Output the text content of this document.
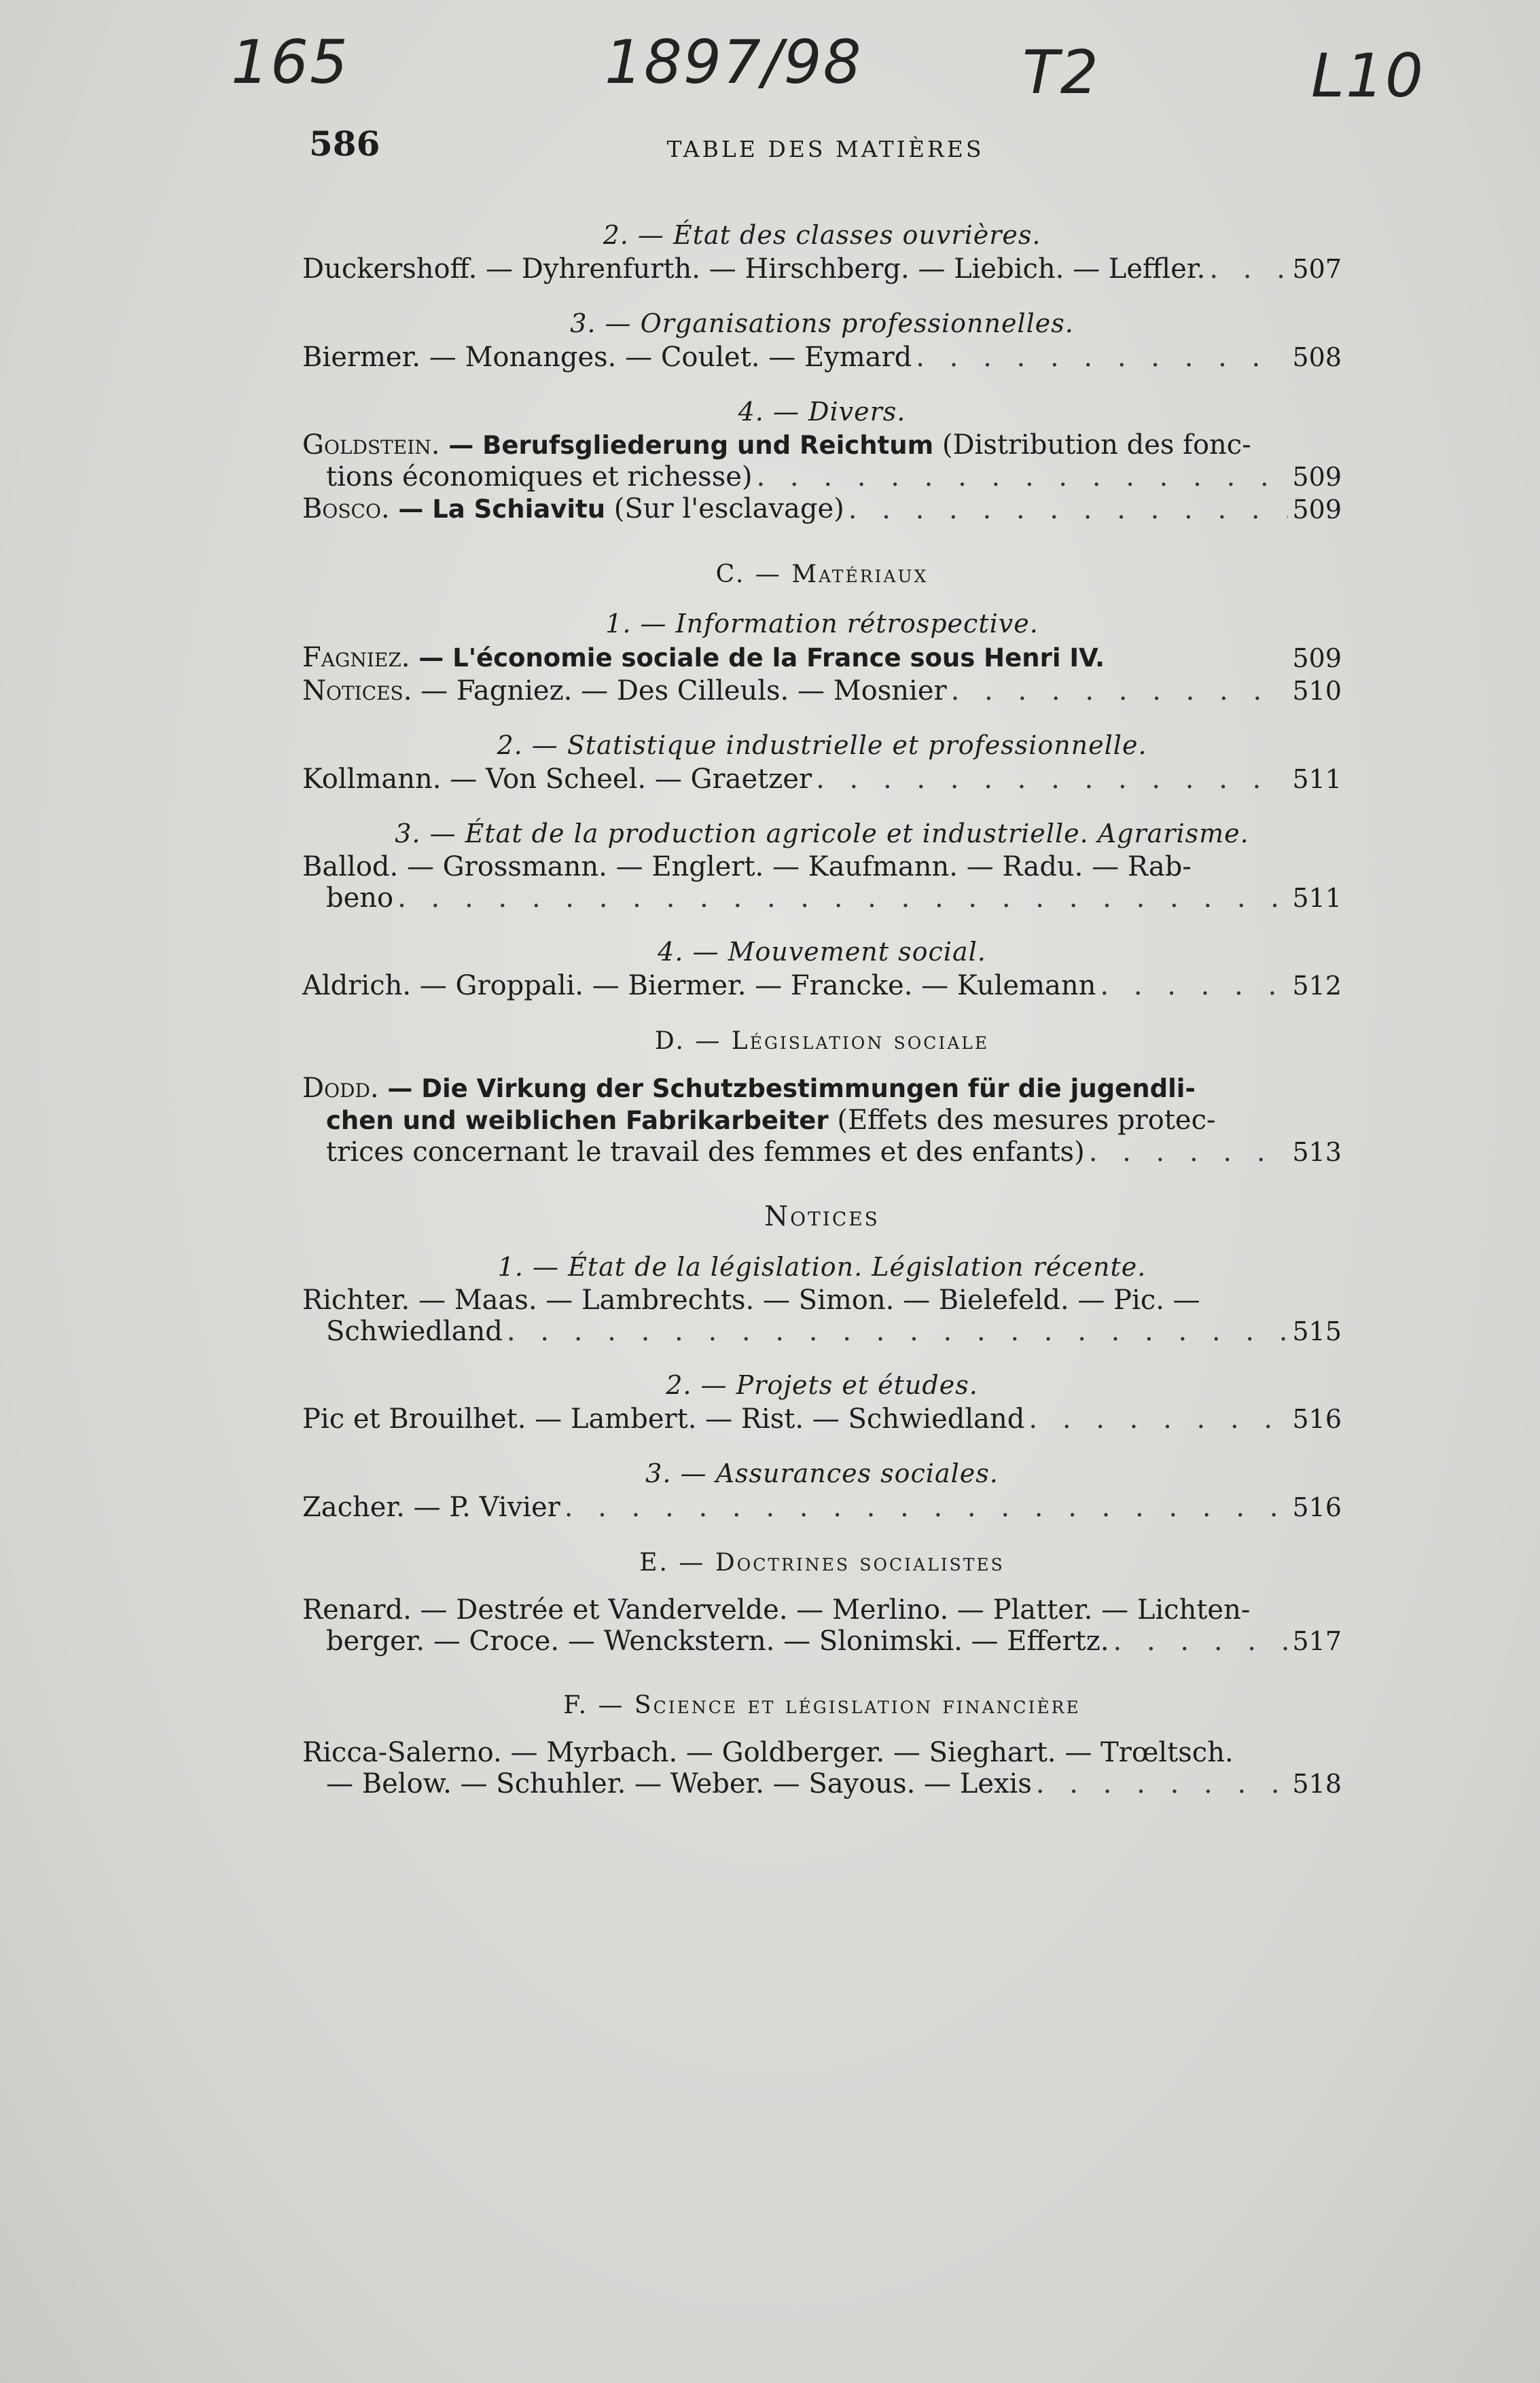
165	1897/98	T2	L10
586	TABLE DES MATIÈRES

2. — État des classes ouvrières.

Duckershoff. — Dyhrenfurth. — Hirschberg. — Liebich. — Leffler. . . .	507

3. — Organisations professionnelles.

Biermer. — Monanges. — Coulet. — Eymard . . .	508

4. — Divers.

Goldstein. — Berufsgliederung und Reichtum (Distribution des fonc-
tions économiques et richesse) . . .	509
Bosco. — La Schiavitu (Sur l'esclavage) . . .	509

C. — Matériaux

1. — Information rétrospective.

Fagniez. — L'économie sociale de la France sous Henri IV.	509
Notices. — Fagniez. — Des Cilleuls. — Mosnier . . .	510

2. — Statistique industrielle et professionnelle.

Kollmann. — Von Scheel. — Graetzer . . .	511

3. — État de la production agricole et industrielle. Agrarisme.

Ballod. — Grossmann. — Englert. — Kaufmann. — Radu. — Rab-
beno . . .	511

4. — Mouvement social.

Aldrich. — Groppali. — Biermer. — Francke. — Kulemann . . .	512

D. — Législation sociale

Dodd. — Die Virkung der Schutzbestimmungen für die jugendli-
chen und weiblichen Fabrikarbeiter (Effets des mesures protec-
trices concernant le travail des femmes et des enfants) . . .	513

Notices

1. — État de la législation. Législation récente.

Richter. — Maas. — Lambrechts. — Simon. — Bielefeld. — Pic. —
Schwiedland . . .	515

2. — Projets et études.

Pic et Brouilhet. — Lambert. — Rist. — Schwiedland . . .	516

3. — Assurances sociales.

Zacher. — P. Vivier . . .	516

E. — Doctrines socialistes

Renard. — Destrée et Vandervelde. — Merlino. — Platter. — Lichten-
berger. — Croce. — Wenckstern. — Slonimski. — Effertz. . . .	517

F. — Science et législation financière

Ricca-Salerno. — Myrbach. — Goldberger. — Sieghart. — Trœltsch.
— Below. — Schuhler. — Weber. — Sayous. — Lexis . . .	518
